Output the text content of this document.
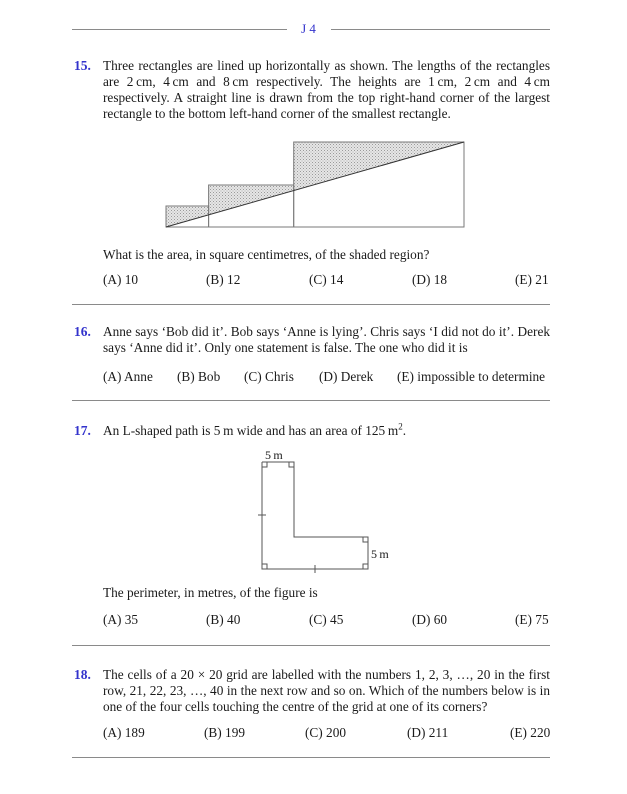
J 4
15. Three rectangles are lined up horizontally as shown. The lengths of the rectangles are 2 cm, 4 cm and 8 cm respectively. The heights are 1 cm, 2 cm and 4 cm respectively. A straight line is drawn from the top right-hand corner of the largest rectangle to the bottom left-hand corner of the smallest rectangle.
What is the area, in square centimetres, of the shaded region?
(A) 10	(B) 12	(C) 14	(D) 18	(E) 21
16. Anne says ‘Bob did it’. Bob says ‘Anne is lying’. Chris says ‘I did not do it’. Derek says ‘Anne did it’. Only one statement is false. The one who did it is
(A) Anne (B) Bob (C) Chris (D) Derek (E) impossible to determine
17. An L-shaped path is 5 m wide and has an area of 125 $m^2$.
5 m
5 m
The perimeter, in metres, of the figure is
(A) 35	(B) 40	(C) 45	(D) 60	(E) 75
18. The cells of a 20 × 20 grid are labelled with the numbers 1, 2, 3, …, 20 in the first row, 21, 22, 23, …, 40 in the next row and so on. Which of the numbers below is in one of the four cells touching the centre of the grid at one of its corners?
(A) 189	(B) 199	(C) 200	(D) 211	(E) 220
